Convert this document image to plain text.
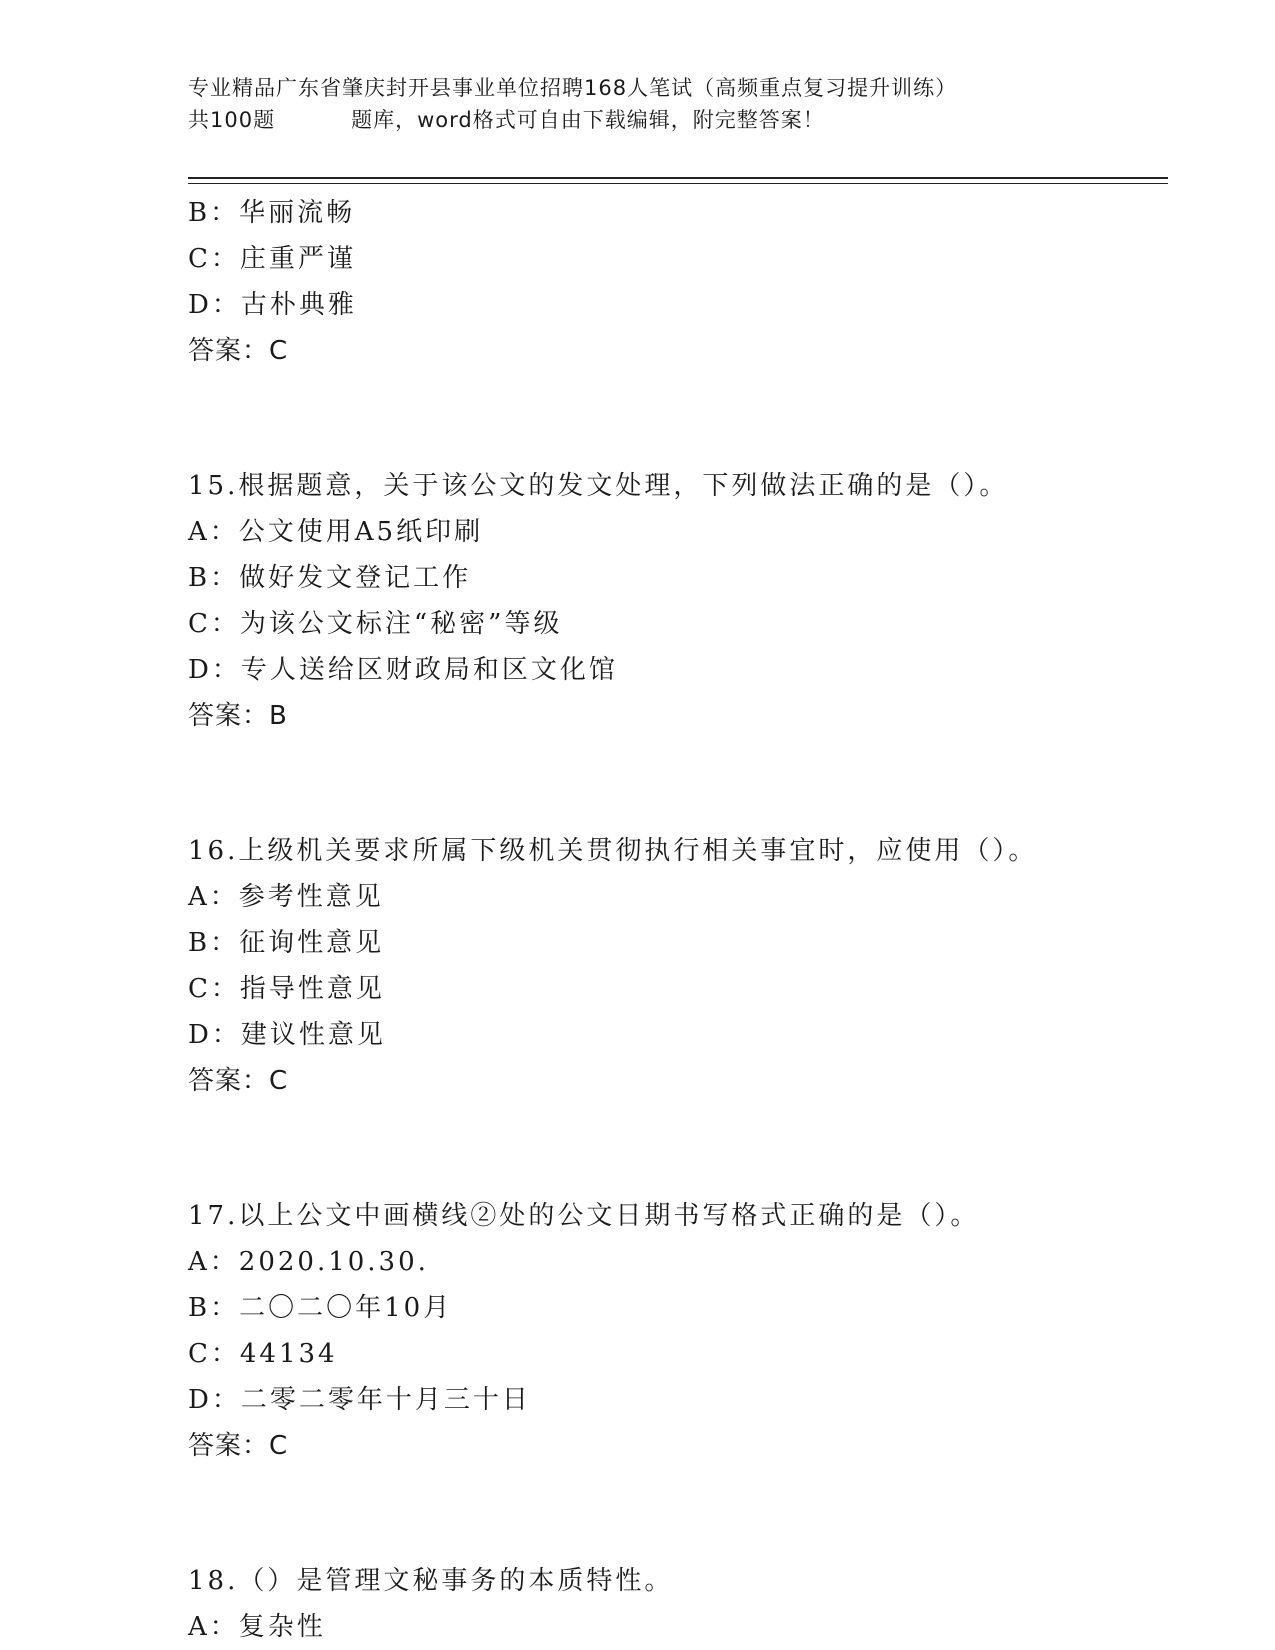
专业精品广东省肇庆封开县事业单位招聘168人笔试（高频重点复习提升训练）
共100题	题库，word格式可自由下载编辑，附完整答案！
B：华丽流畅
C：庄重严谨
D：古朴典雅
答案：C
15.根据题意，关于该公文的发文处理，下列做法正确的是（）。
A：公文使用A5纸印刷
B：做好发文登记工作
C：为该公文标注“秘密”等级
D：专人送给区财政局和区文化馆
答案：B
16.上级机关要求所属下级机关贯彻执行相关事宜时，应使用（）。
A：参考性意见
B：征询性意见
C：指导性意见
D：建议性意见
答案：C
17.以上公文中画横线②处的公文日期书写格式正确的是（）。
A：2020.10.30.
B：二〇二〇年10月
C：44134
D：二零二零年十月三十日
答案：C
18.（）是管理文秘事务的本质特性。
A：复杂性
